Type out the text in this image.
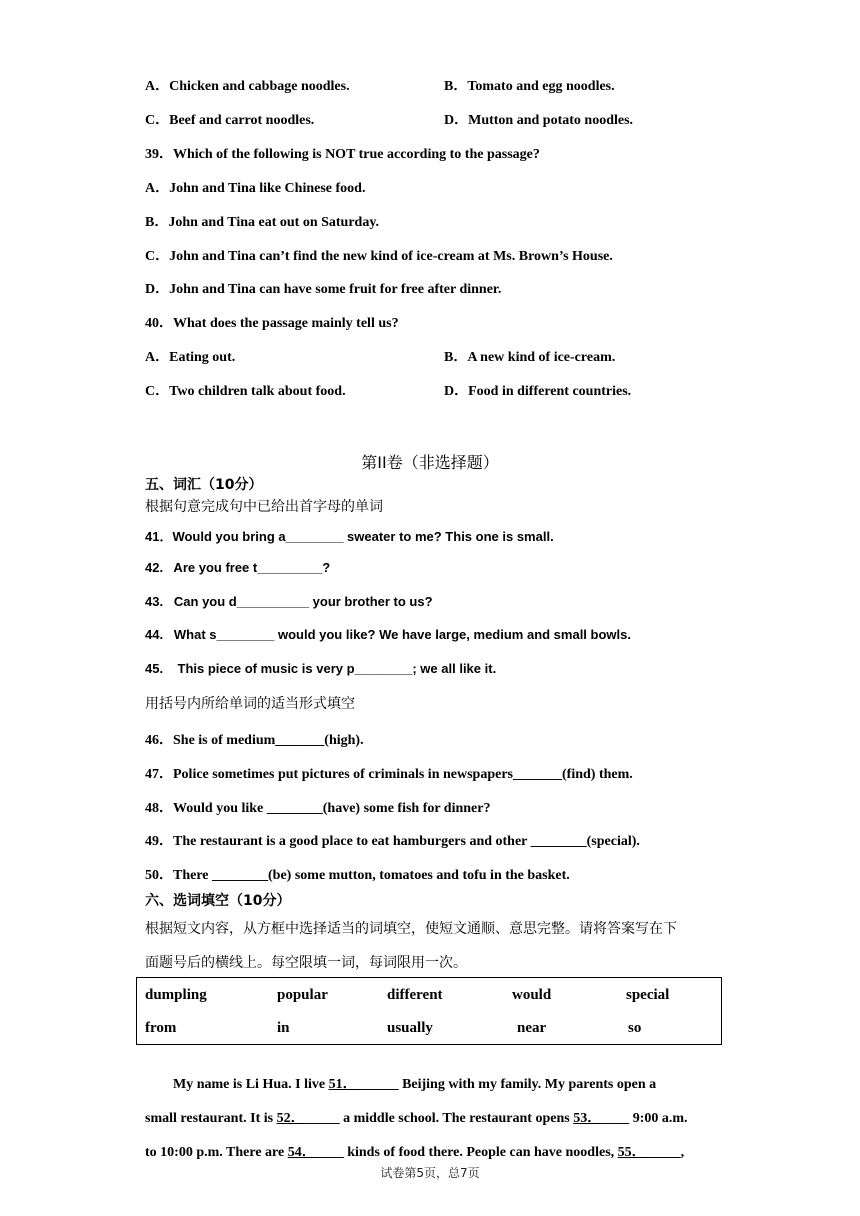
A．Chicken and cabbage noodles.	B．Tomato and egg noodles.
C．Beef and carrot noodles.	D．Mutton and potato noodles.
39．Which of the following is NOT true according to the passage?
A．John and Tina like Chinese food.
B．John and Tina eat out on Saturday.
C．John and Tina can’t find the new kind of ice-cream at Ms. Brown’s House.
D．John and Tina can have some fruit for free after dinner.
40．What does the passage mainly tell us?
A．Eating out.	B．A new kind of ice-cream.
C．Two children talk about food.	D．Food in different countries.
第II卷（非选择题）
五、词汇（10分）
根据句意完成句中已给出首字母的单词
41．Would you bring a________ sweater to me? This one is small.
42.   Are you free t_________?
43.   Can you d__________ your brother to us?
44.   What s________ would you like? We have large, medium and small bowls.
45.    This piece of music is very p________; we all like it.
用括号内所给单词的适当形式填空
46．She is of medium_______(high).
47．Police sometimes put pictures of criminals in newspapers_______(find) them.
48．Would you like ________(have) some fish for dinner?
49．The restaurant is a good place to eat hamburgers and other ________(special).
50．There ________(be) some mutton, tomatoes and tofu in the basket.
六、选词填空（10分）
根据短文内容，从方框中选择适当的词填空，使短文通顺、意思完整。请将答案写在下
面题号后的横线上。每空限填一词，每词限用一次。
dumpling	popular	different	would	special
from	in	usually	near	so

My name is Li Hua. I live 51．______ Beijing with my family. My parents open a

small restaurant. It is 52．_____ a middle school. The restaurant opens 53．____ 9:00 a.m.

to 10:00 p.m. There are 54．____ kinds of food there. People can have noodles, 55．_____,

试卷第5页，总7页
